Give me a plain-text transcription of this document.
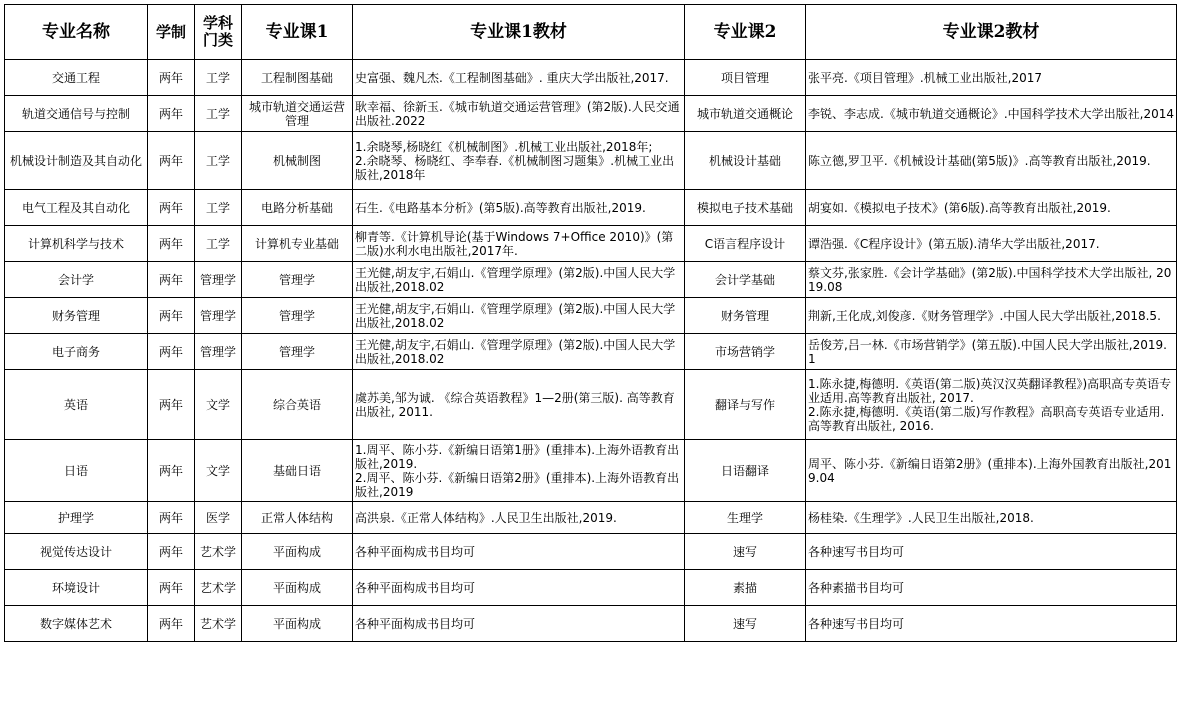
专业名称	学制	学科门类	专业课1	专业课1教材	专业课2	专业课2教材
交通工程	两年	工学	工程制图基础	史富强、魏凡杰.《工程制图基础》. 重庆大学出版社,2017.	项目管理	张平亮.《项目管理》.机械工业出版社,2017
轨道交通信号与控制	两年	工学	城市轨道交通运营管理	耿幸福、徐新玉.《城市轨道交通运营管理》(第2版).人民交通出版社.2022	城市轨道交通概论	李锐、李志成.《城市轨道交通概论》.中国科学技术大学出版社,2014
机械设计制造及其自动化	两年	工学	机械制图	1.余晓琴,杨晓红《机械制图》.机械工业出版社,2018年;
2.余晓琴、杨晓红、李奉春.《机械制图习题集》.机械工业出版社,2018年	机械设计基础	陈立德,罗卫平.《机械设计基础(第5版)》.高等教育出版社,2019.
电气工程及其自动化	两年	工学	电路分析基础	石生.《电路基本分析》(第5版).高等教育出版社,2019.	模拟电子技术基础	胡宴如.《模拟电子技术》(第6版).高等教育出版社,2019.
计算机科学与技术	两年	工学	计算机专业基础	柳青等.《计算机导论(基于Windows 7+Office 2010)》(第二版)水利水电出版社,2017年.	C语言程序设计	谭浩强.《C程序设计》(第五版).清华大学出版社,2017.
会计学	两年	管理学	管理学	王光健,胡友宇,石娟山.《管理学原理》(第2版).中国人民大学出版社,2018.02	会计学基础	蔡文芬,张家胜.《会计学基础》(第2版).中国科学技术大学出版社, 2019.08
财务管理	两年	管理学	管理学	王光健,胡友宇,石娟山.《管理学原理》(第2版).中国人民大学出版社,2018.02	财务管理	荆新,王化成,刘俊彦.《财务管理学》.中国人民大学出版社,2018.5.
电子商务	两年	管理学	管理学	王光健,胡友宇,石娟山.《管理学原理》(第2版).中国人民大学出版社,2018.02	市场营销学	岳俊芳,吕一林.《市场营销学》(第五版).中国人民大学出版社,2019.1
英语	两年	文学	综合英语	虞苏美,邹为诚. 《综合英语教程》1—2册(第三版). 高等教育出版社, 2011.	翻译与写作	1.陈永捷,梅德明.《英语(第二版)英汉汉英翻译教程》)高职高专英语专业适用.高等教育出版社, 2017.
2.陈永捷,梅德明.《英语(第二版)写作教程》高职高专英语专业适用.高等教育出版社, 2016.
日语	两年	文学	基础日语	1.周平、陈小芬.《新编日语第1册》(重排本).上海外语教育出版社,2019.
2.周平、陈小芬.《新编日语第2册》(重排本).上海外语教育出版社,2019	日语翻译	周平、陈小芬.《新编日语第2册》(重排本).上海外国教育出版社,2019.04
护理学	两年	医学	正常人体结构	高洪泉.《正常人体结构》.人民卫生出版社,2019.	生理学	杨桂染.《生理学》.人民卫生出版社,2018.
视觉传达设计	两年	艺术学	平面构成	各种平面构成书目均可	速写	各种速写书目均可
环境设计	两年	艺术学	平面构成	各种平面构成书目均可	素描	各种素描书目均可
数字媒体艺术	两年	艺术学	平面构成	各种平面构成书目均可	速写	各种速写书目均可
